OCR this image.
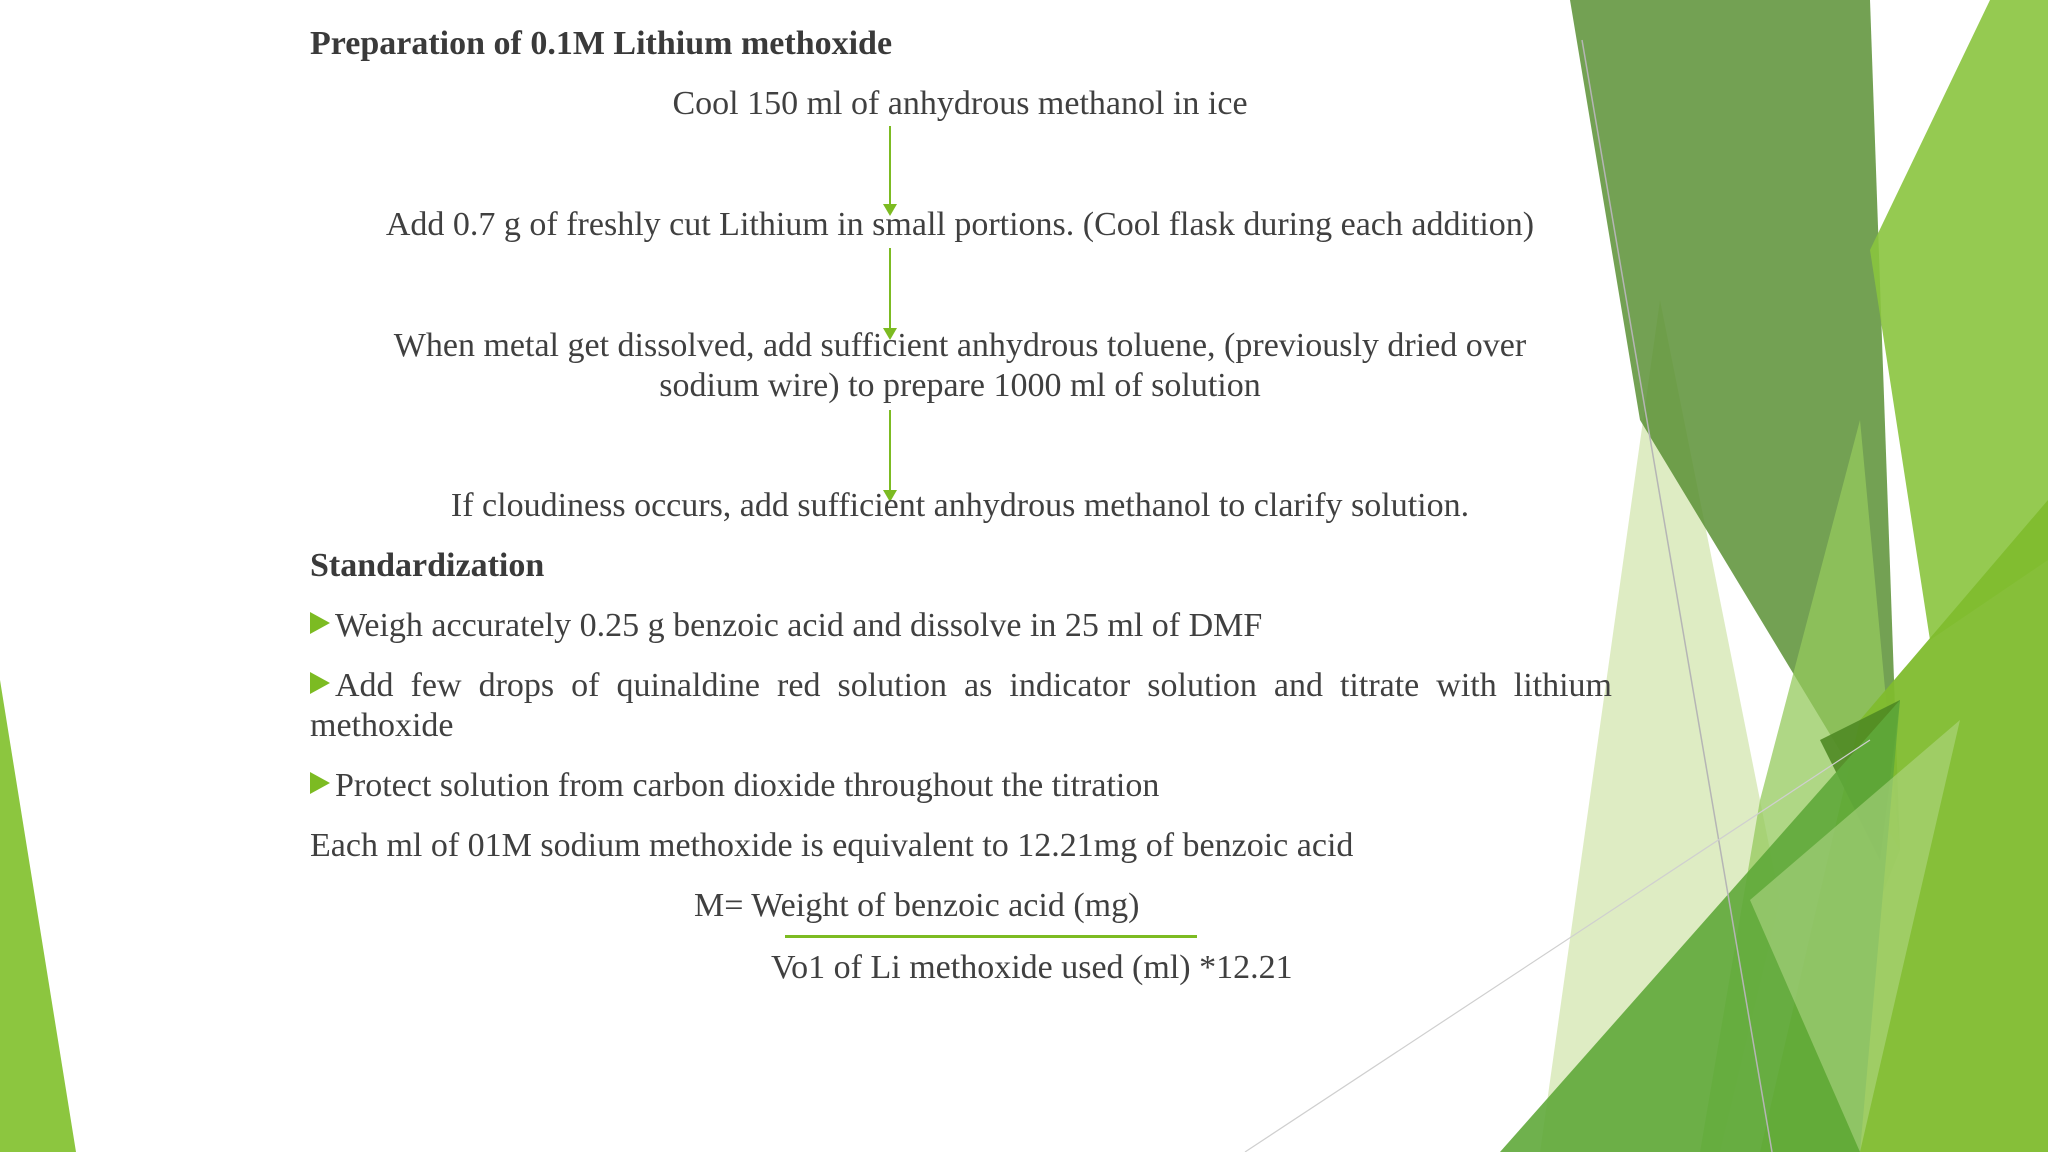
Preparation of 0.1M Lithium methoxide
Cool 150 ml of anhydrous methanol in ice
Add 0.7 g of freshly cut Lithium in small portions. (Cool flask during each addition)
When metal get dissolved, add sufficient anhydrous toluene, (previously dried over
sodium wire) to prepare 1000 ml of solution
If cloudiness occurs, add sufficient anhydrous methanol to clarify solution.
Standardization
Weigh accurately 0.25 g benzoic acid and dissolve in 25 ml of DMF
Add few drops of quinaldine red solution as indicator solution and titrate with lithium methoxide
Protect solution from carbon dioxide throughout the titration
Each ml of 01M sodium methoxide is equivalent to 12.21mg of benzoic acid
M= Weight of benzoic acid (mg)
Vo1 of Li methoxide used (ml) *12.21
